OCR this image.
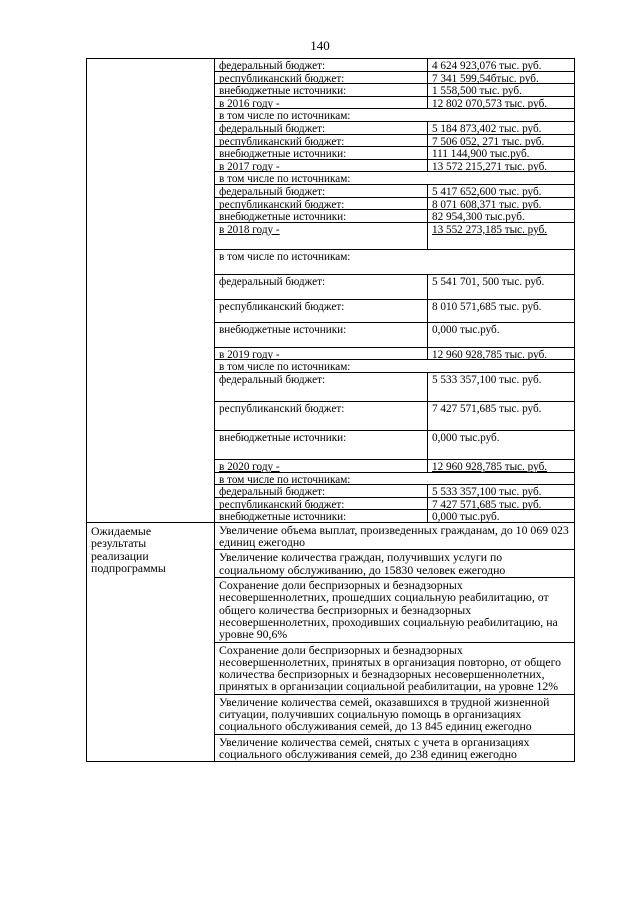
140
федеральный бюджет:	4 624 923,076 тыс. руб.
республиканский бюджет:	7 341 599,54бтыс. руб.
внебюджетные источники:	1 558,500 тыс. руб.
в 2016 году -	12 802 070,573 тыс. руб.
в том числе по источникам:
федеральный бюджет:	5 184 873,402 тыс. руб.
республиканский бюджет:	7 506 052, 271 тыс. руб.
внебюджетные источники:	111 144,900 тыс.руб.
в 2017 году -	13 572 215,271 тыс. руб.
в том числе по источникам:
федеральный бюджет:	5 417 652,600 тыс. руб.
республиканский бюджет:	8 071 608,371 тыс. руб.
внебюджетные источники:	82 954,300 тыс.руб.
в 2018 году -	13 552 273,185 тыс. руб.
в том числе по источникам:
федеральный бюджет:	5 541 701, 500 тыс. руб.
республиканский бюджет:	8 010 571,685 тыс. руб.
внебюджетные источники:	0,000 тыс.руб.
в 2019 году -	12 960 928,785 тыс. руб.
в том числе по источникам:
федеральный бюджет:	5 533 357,100 тыс. руб.
республиканский бюджет:	7 427 571,685 тыс. руб.
внебюджетные источники:	0,000 тыс.руб.
в 2020 году -	12 960 928,785 тыс. руб.
в том числе по источникам:
федеральный бюджет:	5 533 357,100 тыс. руб.
республиканский бюджет:	7 427 571,685 тыс. руб.
внебюджетные источники:	0,000 тыс.руб.
Ожидаемые
результаты
реализации
подпрограммы
Увеличение объема выплат, произведенных гражданам, до 10 069 023 единиц ежегодно
Увеличение количества граждан, получивших услуги по социальному обслуживанию, до 15830 человек ежегодно
Сохранение доли беспризорных и безнадзорных несовершеннолетних, прошедших социальную реабилитацию, от общего количества беспризорных и безнадзорных несовершеннолетних, проходивших социальную реабилитацию, на уровне 90,6%
Сохранение доли беспризорных и безнадзорных несовершеннолетних, принятых в организация повторно, от общего количества беспризорных и безнадзорных несовершеннолетних, принятых в организации социальной реабилитации, на уровне 12%
Увеличение количества семей, оказавшихся в трудной жизненной ситуации, получивших социальную помощь в организациях социального обслуживания семей, до 13 845 единиц ежегодно
Увеличение количества семей, снятых с учета в организациях социального обслуживания семей, до 238 единиц ежегодно
